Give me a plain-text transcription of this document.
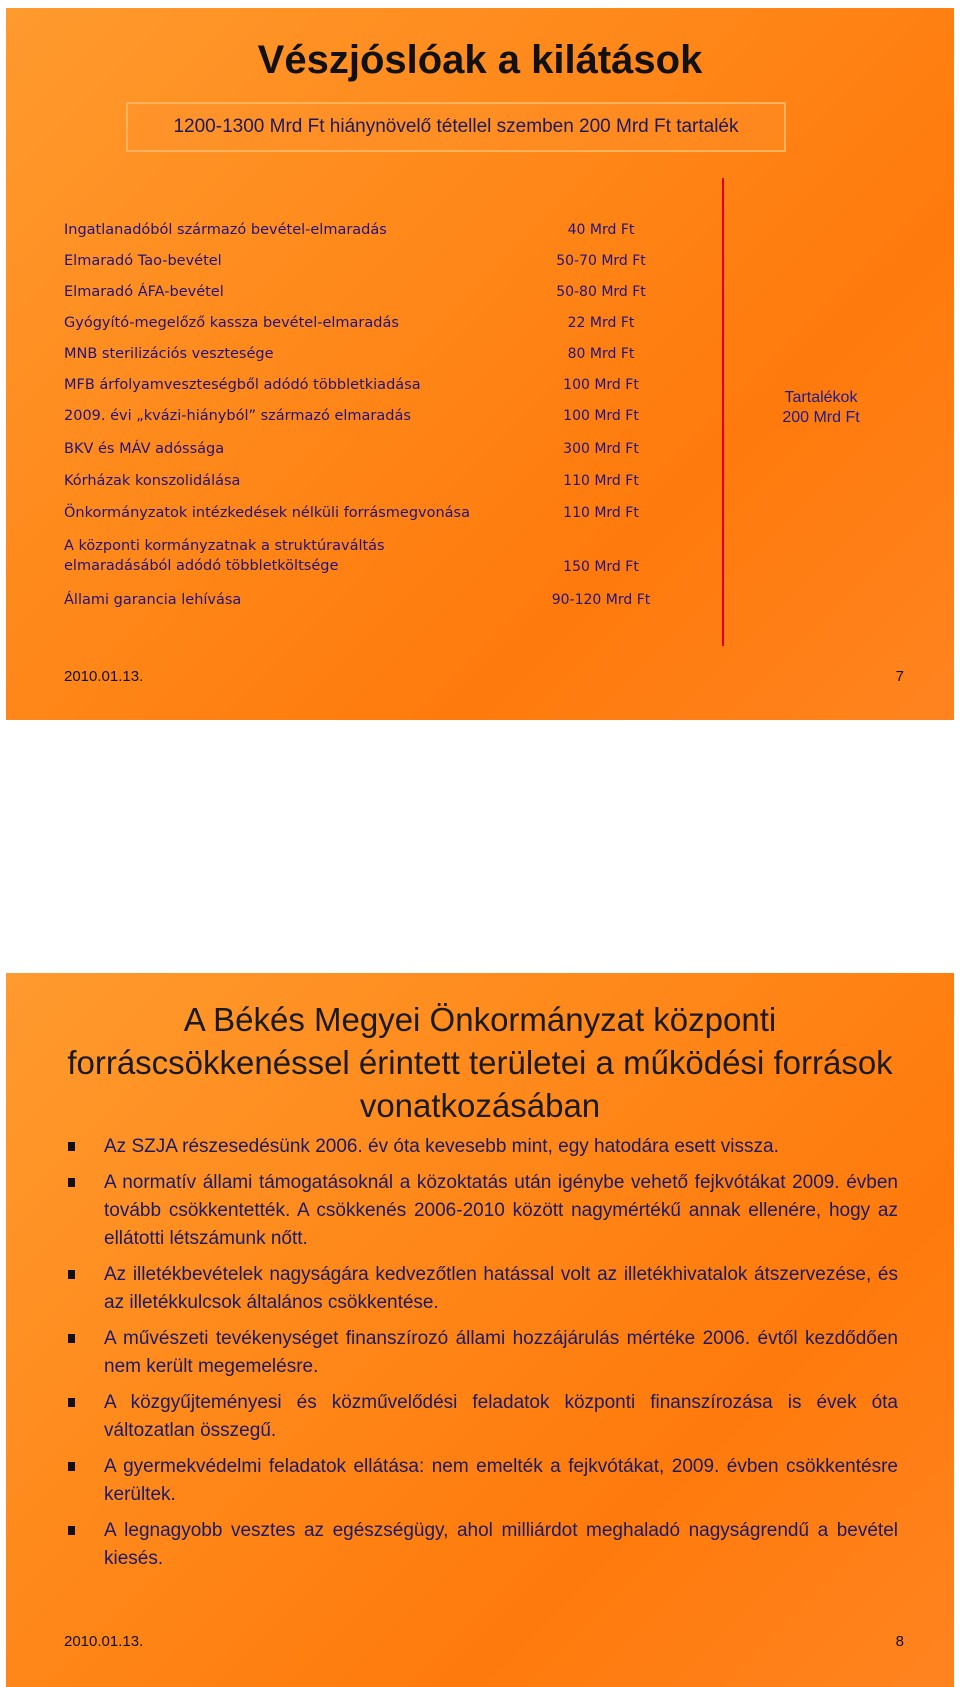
Vészjóslóak a kilátások
1200-1300 Mrd Ft hiánynövelő tétellel szemben 200 Mrd Ft tartalék
Ingatlanadóból származó bevétel-elmaradás	40 Mrd Ft
Elmaradó Tao-bevétel	50-70 Mrd Ft
Elmaradó ÁFA-bevétel	50-80 Mrd Ft
Gyógyító-megelőző kassza bevétel-elmaradás	22 Mrd Ft
MNB sterilizációs vesztesége	80 Mrd Ft
MFB árfolyamveszteségből adódó többletkiadása	100 Mrd Ft
2009. évi „kvázi-hiányból” származó elmaradás	100 Mrd Ft
BKV és MÁV adóssága	300 Mrd Ft
Kórházak konszolidálása	110 Mrd Ft
Önkormányzatok intézkedések nélküli forrásmegvonása	110 Mrd Ft
A központi kormányzatnak a struktúraváltás elmaradásából adódó többletköltsége	150 Mrd Ft
Állami garancia lehívása	90-120 Mrd Ft
Tartalékok
200 Mrd Ft
2010.01.13.	7
A Békés Megyei Önkormányzat központi forráscsökkenéssel érintett területei a működési források vonatkozásában
Az SZJA részesedésünk 2006. év óta kevesebb mint, egy hatodára esett vissza.
A normatív állami támogatásoknál a közoktatás után igénybe vehető fejkvótákat 2009. évben tovább csökkentették. A csökkenés 2006-2010 között nagymértékű annak ellenére, hogy az ellátotti létszámunk nőtt.
Az illetékbevételek nagyságára kedvezőtlen hatással volt az illetékhivatalok átszervezése, és az illetékkulcsok általános csökkentése.
A művészeti tevékenységet finanszírozó állami hozzájárulás mértéke 2006. évtől kezdődően nem került megemelésre.
A közgyűjteményesi és közművelődési feladatok központi finanszírozása is évek óta változatlan összegű.
A gyermekvédelmi feladatok ellátása: nem emelték a fejkvótákat, 2009. évben csökkentésre kerültek.
A legnagyobb vesztes az egészségügy, ahol milliárdot meghaladó nagyságrendű a bevétel kiesés.
2010.01.13.	8
